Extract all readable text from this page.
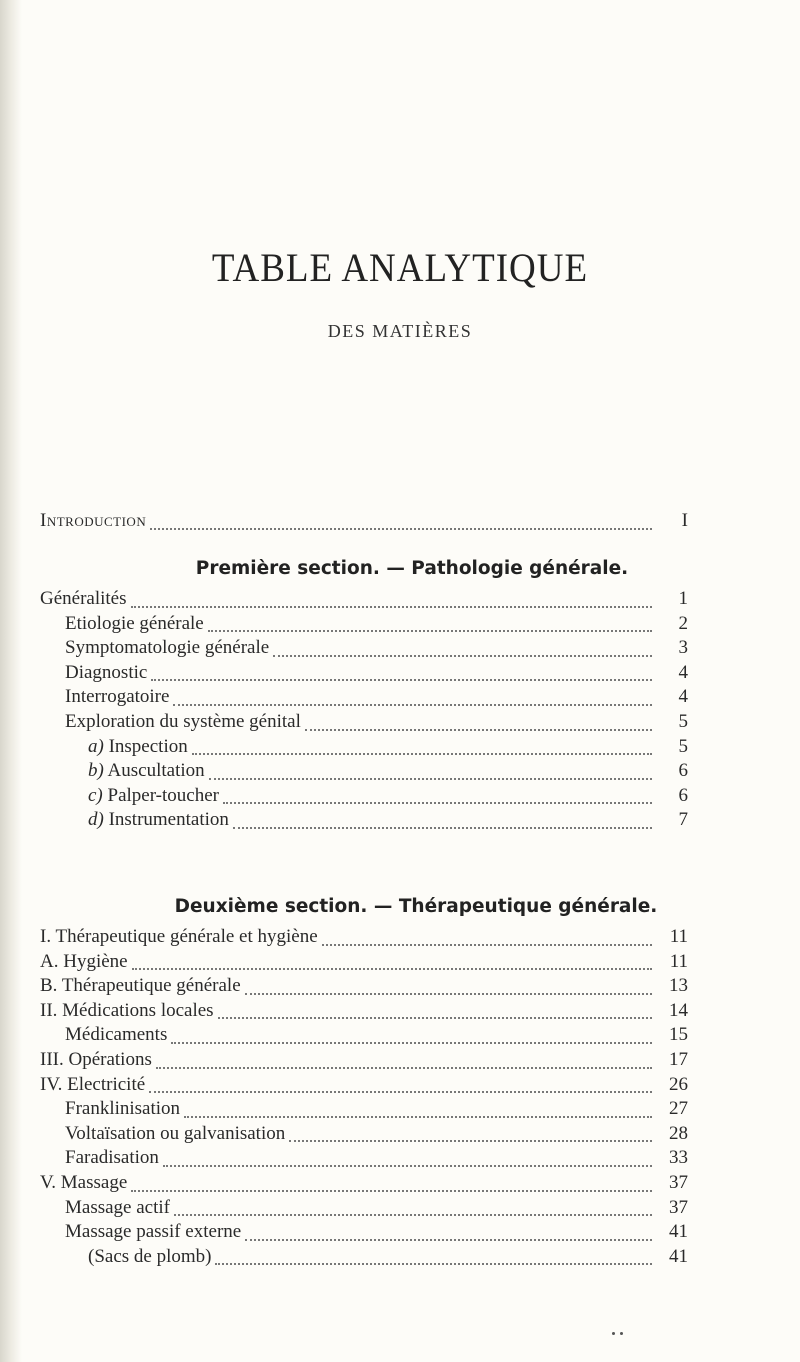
TABLE ANALYTIQUE
DES MATIÈRES
Introduction	I
Première section. — Pathologie générale.
Généralités	1
Etiologie générale	2
Symptomatologie générale	3
Diagnostic	4
Interrogatoire	4
Exploration du système génital	5
a) Inspection	5
b) Auscultation	6
c) Palper-toucher	6
d) Instrumentation	7
Deuxième section. — Thérapeutique générale.
I. Thérapeutique générale et hygiène	11
A. Hygiène	11
B. Thérapeutique générale	13
II. Médications locales	14
Médicaments	15
III. Opérations	17
IV. Electricité	26
Franklinisation	27
Voltaïsation ou galvanisation	28
Faradisation	33
V. Massage	37
Massage actif	37
Massage passif externe	41
(Sacs de plomb)	41
